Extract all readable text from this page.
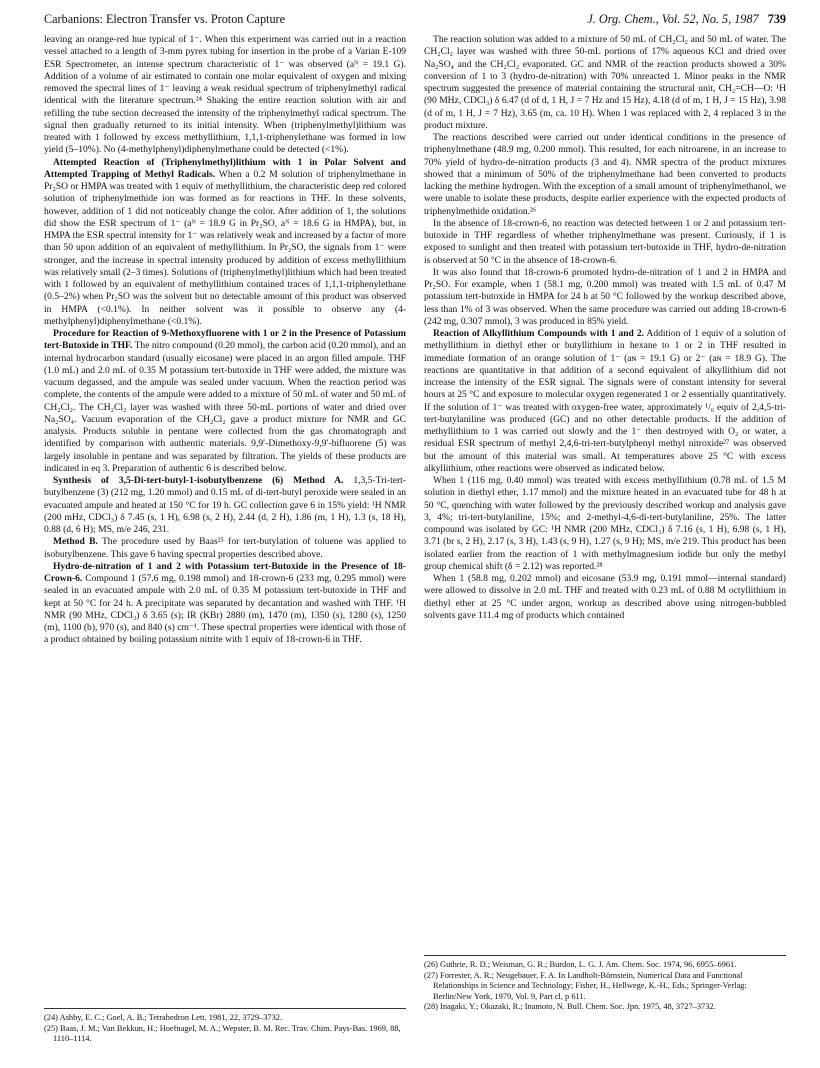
Carbanions: Electron Transfer vs. Proton Capture	J. Org. Chem., Vol. 52, No. 5, 1987 739

leaving an orange-red hue typical of 1⁻. When this experiment was carried out in a reaction vessel attached to a length of 3-mm pyrex tubing for insertion in the probe of a Varian E-109 ESR Spectrometer, an intense spectrum characteristic of 1⁻ was observed (aᴺ = 19.1 G). Addition of a volume of air estimated to contain one molar equivalent of oxygen and mixing removed the spectral lines of 1⁻ leaving a weak residual spectrum of triphenylmethyl radical identical with the literature spectrum.²⁴ Shaking the entire reaction solution with air and refilling the tube section decreased the intensity of the triphenylmethyl radical spectrum. The signal then gradually returned to its initial intensity. When (triphenylmethyl)lithium was treated with 1 followed by excess methyllithium, 1,1,1-triphenylethane was formed in low yield (5–10%). No (4-methylphenyl)diphenylmethane could be detected (<1%).

Attempted Reaction of (Triphenylmethyl)lithium with 1 in Polar Solvent and Attempted Trapping of Methyl Radicals. When a 0.2 M solution of triphenylmethane in Pr₂SO or HMPA was treated with 1 equiv of methyllithium, the characteristic deep red colored solution of triphenylmethide ion was formed as for reactions in THF. In these solvents, however, addition of 1 did not noticeably change the color. After addition of 1, the solutions did show the ESR spectrum of 1⁻ (aᴺ = 18.9 G in Pr₂SO, aᴺ = 18.6 G in HMPA), but, in HMPA the ESR spectral intensity for 1⁻ was relatively weak and increased by a factor of more than 50 upon addition of an equivalent of methyllithium. In Pr₂SO, the signals from 1⁻ were stronger, and the increase in spectral intensity produced by addition of excess methyllithium was relatively small (2–3 times). Solutions of (triphenylmethyl)lithium which had been treated with 1 followed by an equivalent of methyllithium contained traces of 1,1,1-triphenylethane (0.5–2%) when Pr₂SO was the solvent but no detectable amount of this product was observed in HMPA (<0.1%). In neither solvent was it possible to observe any (4-methylphenyl)diphenylmethane (<0.1%).

Procedure for Reaction of 9-Methoxyfluorene with 1 or 2 in the Presence of Potassium tert-Butoxide in THF. The nitro compound (0.20 mmol), the carbon acid (0.20 mmol), and an internal hydrocarbon standard (usually eicosane) were placed in an argon filled ampule. THF (1.0 mL) and 2.0 mL of 0.35 M potassium tert-butoxide in THF were added, the mixture was vacuum degassed, and the ampule was sealed under vacuum. When the reaction period was complete, the contents of the ampule were added to a mixture of 50 mL of water and 50 mL of CH₂Cl₂. The CH₂Cl₂ layer was washed with three 50-mL portions of water and dried over Na₂SO₄. Vacuum evaporation of the CH₂Cl₂ gave a product mixture for NMR and GC analysis. Products soluble in pentane were collected from the gas chromatograph and identified by comparison with authentic materials. 9,9′-Dimethoxy-9,9′-bifluorene (5) was largely insoluble in pentane and was separated by filtration. The yields of these products are indicated in eq 3. Preparation of authentic 6 is described below.

Synthesis of 3,5-Di-tert-butyl-1-isobutylbenzene (6) Method A. 1,3,5-Tri-tert-butylbenzene (3) (212 mg, 1.20 mmol) and 0.15 mL of di-tert-butyl peroxide were sealed in an evacuated ampule and heated at 150 °C for 19 h. GC collection gave 6 in 15% yield: ¹H NMR (200 mHz, CDCl₃) δ 7.45 (s, 1 H), 6.98 (s, 2 H), 2.44 (d, 2 H), 1.86 (m, 1 H), 1.3 (s, 18 H), 0.88 (d, 6 H); MS, m/e 246, 231.

Method B. The procedure used by Baas²⁵ for tert-butylation of toluene was applied to isobutylbenzene. This gave 6 having spectral properties described above.

Hydro-de-nitration of 1 and 2 with Potassium tert-Butoxide in the Presence of 18-Crown-6. Compound 1 (57.6 mg, 0.198 mmol) and 18-crown-6 (233 mg, 0.295 mmol) were sealed in an evacuated ampule with 2.0 mL of 0.35 M potassium tert-butoxide in THF and kept at 50 °C for 24 h. A precipitate was separated by decantation and washed with THF. ¹H NMR (90 MHz, CDCl₃) δ 3.65 (s); IR (KBr) 2880 (m), 1470 (m), 1350 (s), 1280 (s), 1250 (m), 1100 (b), 970 (s), and 840 (s) cm⁻¹. These spectral properties were identical with those of a product obtained by boiling potassium nitrite with 1 equiv of 18-crown-6 in THF.

The reaction solution was added to a mixture of 50 mL of CH₂Cl₂ and 50 mL of water. The CH₂Cl₂ layer was washed with three 50-mL portions of 17% aqueous KCl and dried over Na₂SO₄ and the CH₂Cl₂ evaporated. GC and NMR of the reaction products showed a 30% conversion of 1 to 3 (hydro-de-nitration) with 70% unreacted 1. Minor peaks in the NMR spectrum suggested the presence of material containing the structural unit, CH₂=CH—O: ¹H (90 MHz, CDCl₃) δ 6.47 (d of d, 1 H, J = 7 Hz and 15 Hz), 4.18 (d of m, 1 H, J = 15 Hz), 3.98 (d of m, 1 H, J = 7 Hz), 3.65 (m, ca. 10 H). When 1 was replaced with 2, 4 replaced 3 in the product mixture.

The reactions described were carried out under identical conditions in the presence of triphenylmethane (48.9 mg, 0.200 mmol). This resulted, for each nitroarene, in an increase to 70% yield of hydro-de-nitration products (3 and 4). NMR spectra of the product mixtures showed that a minimum of 50% of the triphenylmethane had been converted to products lacking the methine hydrogen. With the exception of a small amount of triphenylmethanol, we were unable to isolate these products, despite earlier experience with the expected products of triphenylmethide oxidation.²⁶

In the absence of 18-crown-6, no reaction was detected between 1 or 2 and potassium tert-butoxide in THF regardless of whether triphenylmethane was present. Curiously, if 1 is exposed to sunlight and then treated with potassium tert-butoxide in THF, hydro-de-nitration is observed at 50 °C in the absence of 18-crown-6.

It was also found that 18-crown-6 promoted hydro-de-nitration of 1 and 2 in HMPA and Pr₂SO. For example, when 1 (58.1 mg, 0.200 mmol) was treated with 1.5 mL of 0.47 M potassium tert-butoxide in HMPA for 24 h at 50 °C followed by the workup described above, less than 1% of 3 was observed. When the same procedure was carried out adding 18-crown-6 (242 mg, 0.307 mmol), 3 was produced in 85% yield.

Reaction of Alkyllithium Compounds with 1 and 2. Addition of 1 equiv of a solution of methyllithium in diethyl ether or butyllithium in hexane to 1 or 2 in THF resulted in immediate formation of an orange solution of 1⁻ (aɴ = 19.1 G) or 2⁻ (aɴ = 18.9 G). The reactions are quantitative in that addition of a second equivalent of alkyllithium did not increase the intensity of the ESR signal. The signals were of constant intensity for several hours at 25 °C and exposure to molecular oxygen regenerated 1 or 2 essentially quantitatively. If the solution of 1⁻ was treated with oxygen-free water, approximately ¹/₆ equiv of 2,4,5-tri-tert-butylaniline was produced (GC) and no other detectable products. If the addition of methyllithium to 1 was carried out slowly and the 1⁻ then destroyed with O₂ or water, a residual ESR spectrum of methyl 2,4,6-tri-tert-butylphenyl methyl nitroxide²⁷ was observed but the amount of this material was small. At temperatures above 25 °C with excess alkyllithium, other reactions were observed as indicated below.

When 1 (116 mg, 0.40 mmol) was treated with excess methyllithium (0.78 mL of 1.5 M solution in diethyl ether, 1.17 mmol) and the mixture heated in an evacuated tube for 48 h at 50 °C, quenching with water followed by the previously described workup and analysis gave 3, 4%; tri-tert-butylaniline, 15%; and 2-methyl-4,6-di-tert-butylaniline, 25%. The latter compound was isolated by GC: ¹H NMR (200 MHz, CDCl₃) δ 7.16 (s, 1 H), 6.98 (s, 1 H), 3.71 (br s, 2 H), 2.17 (s, 3 H), 1.43 (s, 9 H), 1.27 (s, 9 H); MS, m/e 219. This product has been isolated earlier from the reaction of 1 with methylmagnesium iodide but only the methyl group chemical shift (δ = 2.12) was reported.²⁸

When 1 (58.8 mg, 0.202 mmol) and eicosane (53.9 mg, 0.191 mmol—internal standard) were allowed to dissolve in 2.0 mL THF and treated with 0.23 mL of 0.88 M octyllithium in diethyl ether at 25 °C under argon, workup as described above using nitrogen-bubbled solvents gave 111.4 mg of products which contained

(24) Ashby, E. C.; Goel, A. B.; Tetrahedron Lett. 1981, 22, 3729–3732.

(25) Baas, J. M.; Van Bekkun, H.; Hoefnagel, M. A.; Wepster, B. M. Rec. Trav. Chim. Pays-Bas. 1969, 88, 1110–1114.

(26) Guthrie, R. D.; Weisman, G. R.; Burdon, L. G. J. Am. Chem. Soc. 1974, 96, 6955–6961.

(27) Forrester, A. R.; Neugebauer, F. A. In Landholt-Börnstein, Numerical Data and Functional Relationships in Science and Technology; Fisher, H., Hellwege, K.-H., Eds.; Springer-Verlag: Berlin/New York, 1979, Vol. 9, Part cl, p 611.

(28) Inagaki, Y.; Okazaki, R.; Inamoto, N. Bull. Chem. Soc. Jpn. 1975, 48, 3727–3732.
